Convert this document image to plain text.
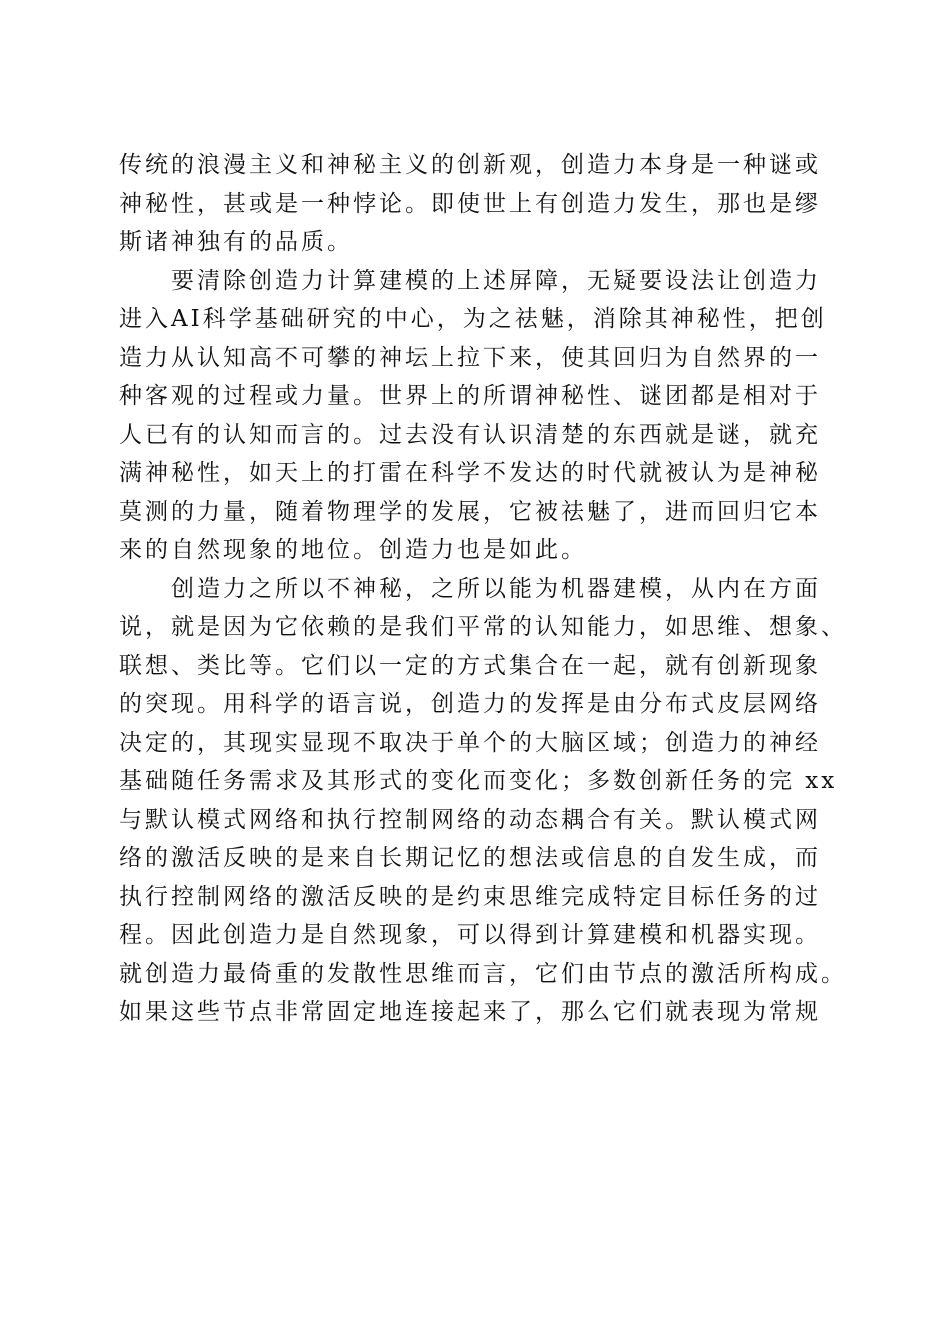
传统的浪漫主义和神秘主义的创新观，创造力本身是一种谜或
神秘性，甚或是一种悖论。即使世上有创造力发生，那也是缪
斯诸神独有的品质。
要清除创造力计算建模的上述屏障，无疑要设法让创造力
进入AI科学基础研究的中心，为之祛魅，消除其神秘性，把创
造力从认知高不可攀的神坛上拉下来，使其回归为自然界的一
种客观的过程或力量。世界上的所谓神秘性、谜团都是相对于
人已有的认知而言的。过去没有认识清楚的东西就是谜，就充
满神秘性，如天上的打雷在科学不发达的时代就被认为是神秘
莫测的力量，随着物理学的发展，它被祛魅了，进而回归它本
来的自然现象的地位。创造力也是如此。
创造力之所以不神秘，之所以能为机器建模，从内在方面
说，就是因为它依赖的是我们平常的认知能力，如思维、想象、
联想、类比等。它们以一定的方式集合在一起，就有创新现象
的突现。用科学的语言说，创造力的发挥是由分布式皮层网络
决定的，其现实显现不取决于单个的大脑区域；创造力的神经
基础随任务需求及其形式的变化而变化；多数创新任务的完 xx
与默认模式网络和执行控制网络的动态耦合有关。默认模式网
络的激活反映的是来自长期记忆的想法或信息的自发生成，而
执行控制网络的激活反映的是约束思维完成特定目标任务的过
程。因此创造力是自然现象，可以得到计算建模和机器实现。
就创造力最倚重的发散性思维而言，它们由节点的激活所构成。
如果这些节点非常固定地连接起来了，那么它们就表现为常规
